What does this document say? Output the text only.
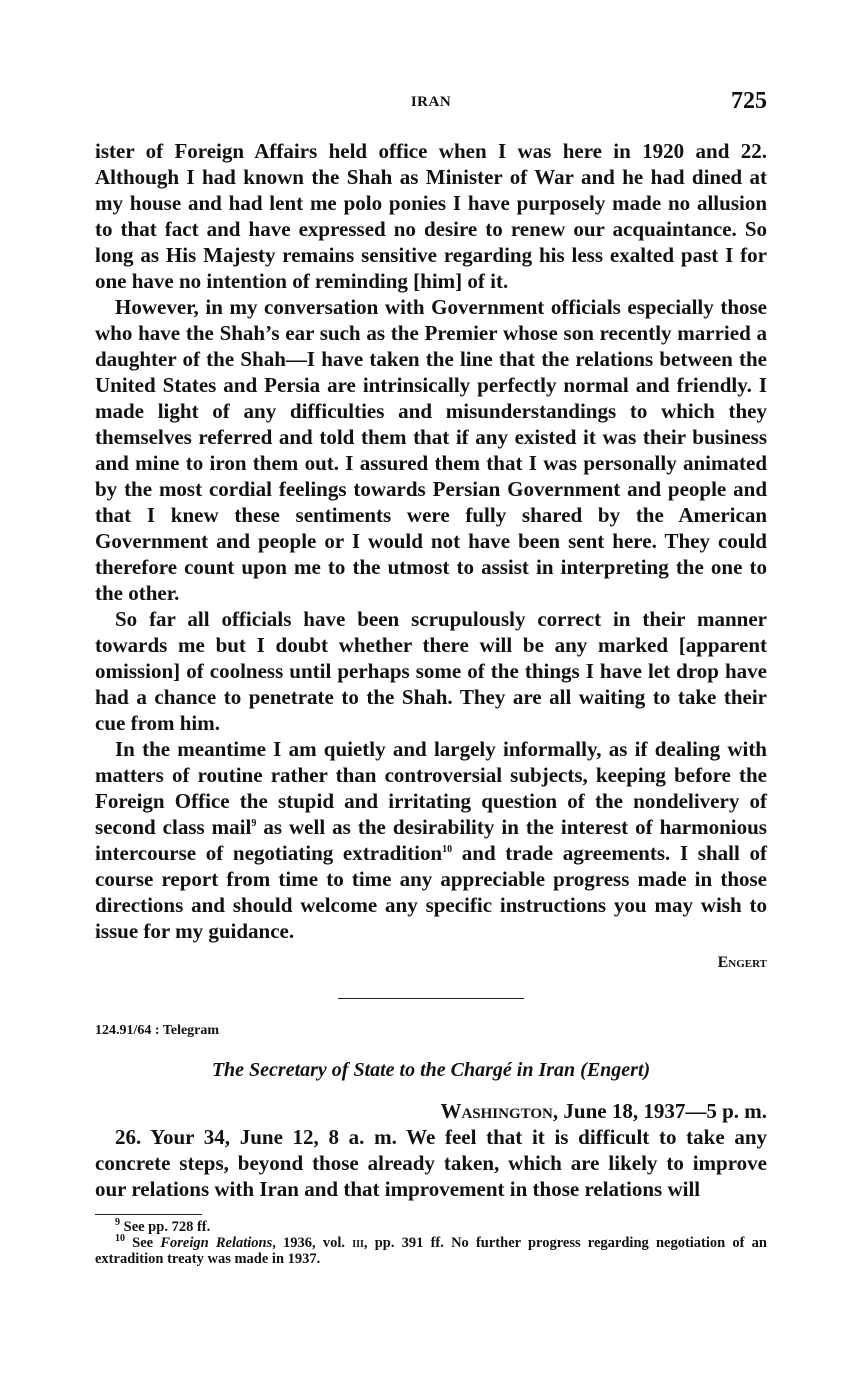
IRAN	725

ister of Foreign Affairs held office when I was here in 1920 and 22. Although I had known the Shah as Minister of War and he had dined at my house and had lent me polo ponies I have purposely made no allusion to that fact and have expressed no desire to renew our acquaintance. So long as His Majesty remains sensitive regarding his less exalted past I for one have no intention of reminding [him] of it.

However, in my conversation with Government officials especially those who have the Shah’s ear such as the Premier whose son recently married a daughter of the Shah—I have taken the line that the relations between the United States and Persia are intrinsically perfectly normal and friendly. I made light of any difficulties and misunderstandings to which they themselves referred and told them that if any existed it was their business and mine to iron them out. I assured them that I was personally animated by the most cordial feelings towards Persian Government and people and that I knew these sentiments were fully shared by the American Government and people or I would not have been sent here. They could therefore count upon me to the utmost to assist in interpreting the one to the other.

So far all officials have been scrupulously correct in their manner towards me but I doubt whether there will be any marked [apparent omission] of coolness until perhaps some of the things I have let drop have had a chance to penetrate to the Shah. They are all waiting to take their cue from him.

In the meantime I am quietly and largely informally, as if dealing with matters of routine rather than controversial subjects, keeping before the Foreign Office the stupid and irritating question of the nondelivery of second class mail$^9$ as well as the desirability in the interest of harmonious intercourse of negotiating extradition$^{10}$ and trade agreements. I shall of course report from time to time any appreciable progress made in those directions and should welcome any specific instructions you may wish to issue for my guidance.

Engert
124.91/64 : Telegram
The Secretary of State to the Chargé in Iran (Engert)
Washington, June 18, 1937—5 p. m.

26. Your 34, June 12, 8 a. m. We feel that it is difficult to take any concrete steps, beyond those already taken, which are likely to improve our relations with Iran and that improvement in those relations will

$^9$ See pp. 728 ff.

$^{10}$ See Foreign Relations, 1936, vol. iii, pp. 391 ff. No further progress regarding negotiation of an extradition treaty was made in 1937.
